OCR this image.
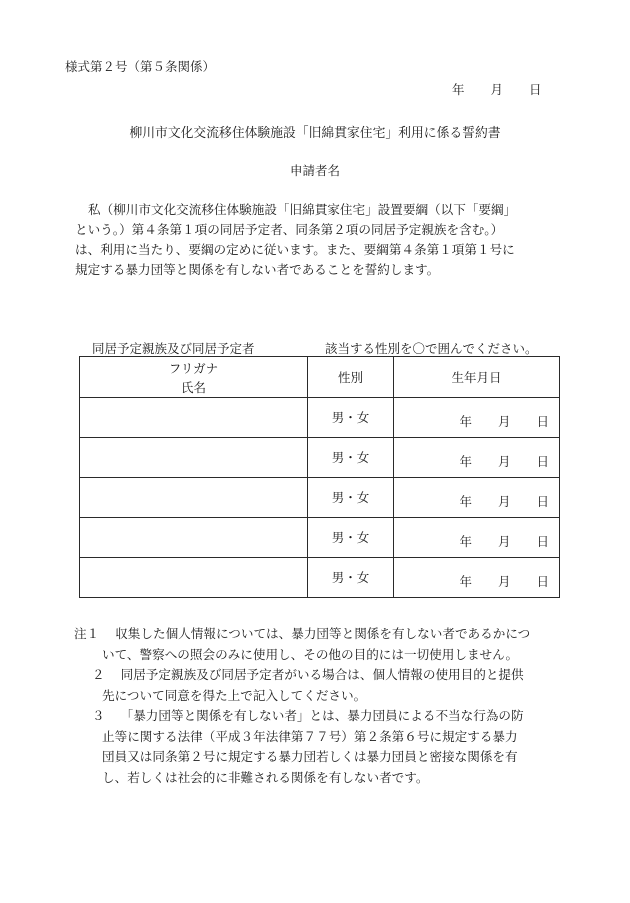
様式第２号（第５条関係）
年 月 日
柳川市文化交流移住体験施設「旧綿貫家住宅」利用に係る誓約書
申請者名
私（柳川市文化交流移住体験施設「旧綿貫家住宅」設置要綱（以下「要綱」
という。）第４条第１項の同居予定者、同条第２項の同居予定親族を含む。）
は、利用に当たり、要綱の定めに従います。また、要綱第４条第１項第１号に
規定する暴力団等と関係を有しない者であることを誓約します。
同居予定親族及び同居予定者	該当する性別を〇で囲んでください。
フリガナ
氏名	性別	生年月日

	男・女	年 月 日

	男・女	年 月 日

	男・女	年 月 日

	男・女	年 月 日

	男・女	年 月 日
注１ 収集した個人情報については、暴力団等と関係を有しない者であるかにつ
いて、警察への照会のみに使用し、その他の目的には一切使用しません。
２ 同居予定親族及び同居予定者がいる場合は、個人情報の使用目的と提供
先について同意を得た上で記入してください。
３ 「暴力団等と関係を有しない者」とは、暴力団員による不当な行為の防
止等に関する法律（平成３年法律第７７号）第２条第６号に規定する暴力
団員又は同条第２号に規定する暴力団若しくは暴力団員と密接な関係を有
し、若しくは社会的に非難される関係を有しない者です。
